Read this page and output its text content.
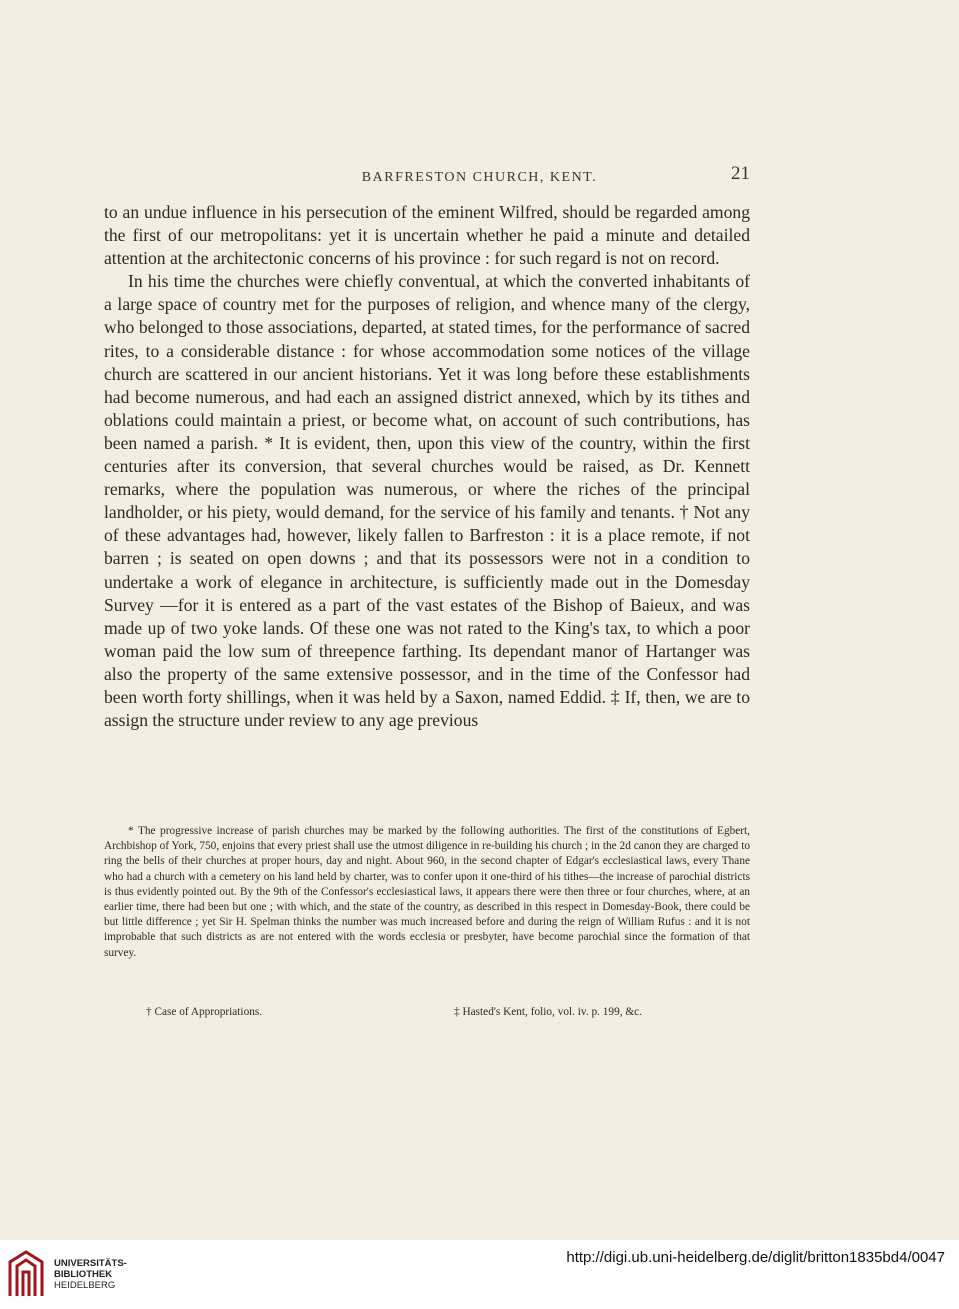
BARFRESTON CHURCH, KENT.	21

to an undue influence in his persecution of the eminent Wilfred, should be regarded among the first of our metropolitans: yet it is uncertain whether he paid a minute and detailed attention at the architectonic concerns of his province : for such regard is not on record.

In his time the churches were chiefly conventual, at which the converted inhabitants of a large space of country met for the purposes of religion, and whence many of the clergy, who belonged to those associations, departed, at stated times, for the performance of sacred rites, to a considerable distance : for whose accommodation some notices of the village church are scattered in our ancient historians. Yet it was long before these establishments had become numerous, and had each an assigned district annexed, which by its tithes and oblations could maintain a priest, or become what, on account of such contributions, has been named a parish. * It is evident, then, upon this view of the country, within the first centuries after its conversion, that several churches would be raised, as Dr. Kennett remarks, where the population was numerous, or where the riches of the principal landholder, or his piety, would demand, for the service of his family and tenants. † Not any of these advantages had, however, likely fallen to Barfreston : it is a place remote, if not barren ; is seated on open downs ; and that its possessors were not in a condition to undertake a work of elegance in architecture, is sufficiently made out in the Domesday Survey —for it is entered as a part of the vast estates of the Bishop of Baieux, and was made up of two yoke lands. Of these one was not rated to the King's tax, to which a poor woman paid the low sum of threepence farthing. Its dependant manor of Hartanger was also the property of the same extensive possessor, and in the time of the Confessor had been worth forty shillings, when it was held by a Saxon, named Eddid. ‡ If, then, we are to assign the structure under review to any age previous

* The progressive increase of parish churches may be marked by the following authorities. The first of the constitutions of Egbert, Archbishop of York, 750, enjoins that every priest shall use the utmost diligence in re-building his church ; in the 2d canon they are charged to ring the bells of their churches at proper hours, day and night. About 960, in the second chapter of Edgar's ecclesiastical laws, every Thane who had a church with a cemetery on his land held by charter, was to confer upon it one-third of his tithes—the increase of parochial districts is thus evidently pointed out. By the 9th of the Confessor's ecclesiastical laws, it appears there were then three or four churches, where, at an earlier time, there had been but one ; with which, and the state of the country, as described in this respect in Domesday-Book, there could be but little difference ; yet Sir H. Spelman thinks the number was much increased before and during the reign of William Rufus : and it is not improbable that such districts as are not entered with the words ecclesia or presbyter, have become parochial since the formation of that survey.

† Case of Appropriations.	‡ Hasted's Kent, folio, vol. iv. p. 199, &c.
UNIVERSITÄTS-
BIBLIOTHEK
HEIDELBERG
http://digi.ub.uni-heidelberg.de/diglit/britton1835bd4/0047
